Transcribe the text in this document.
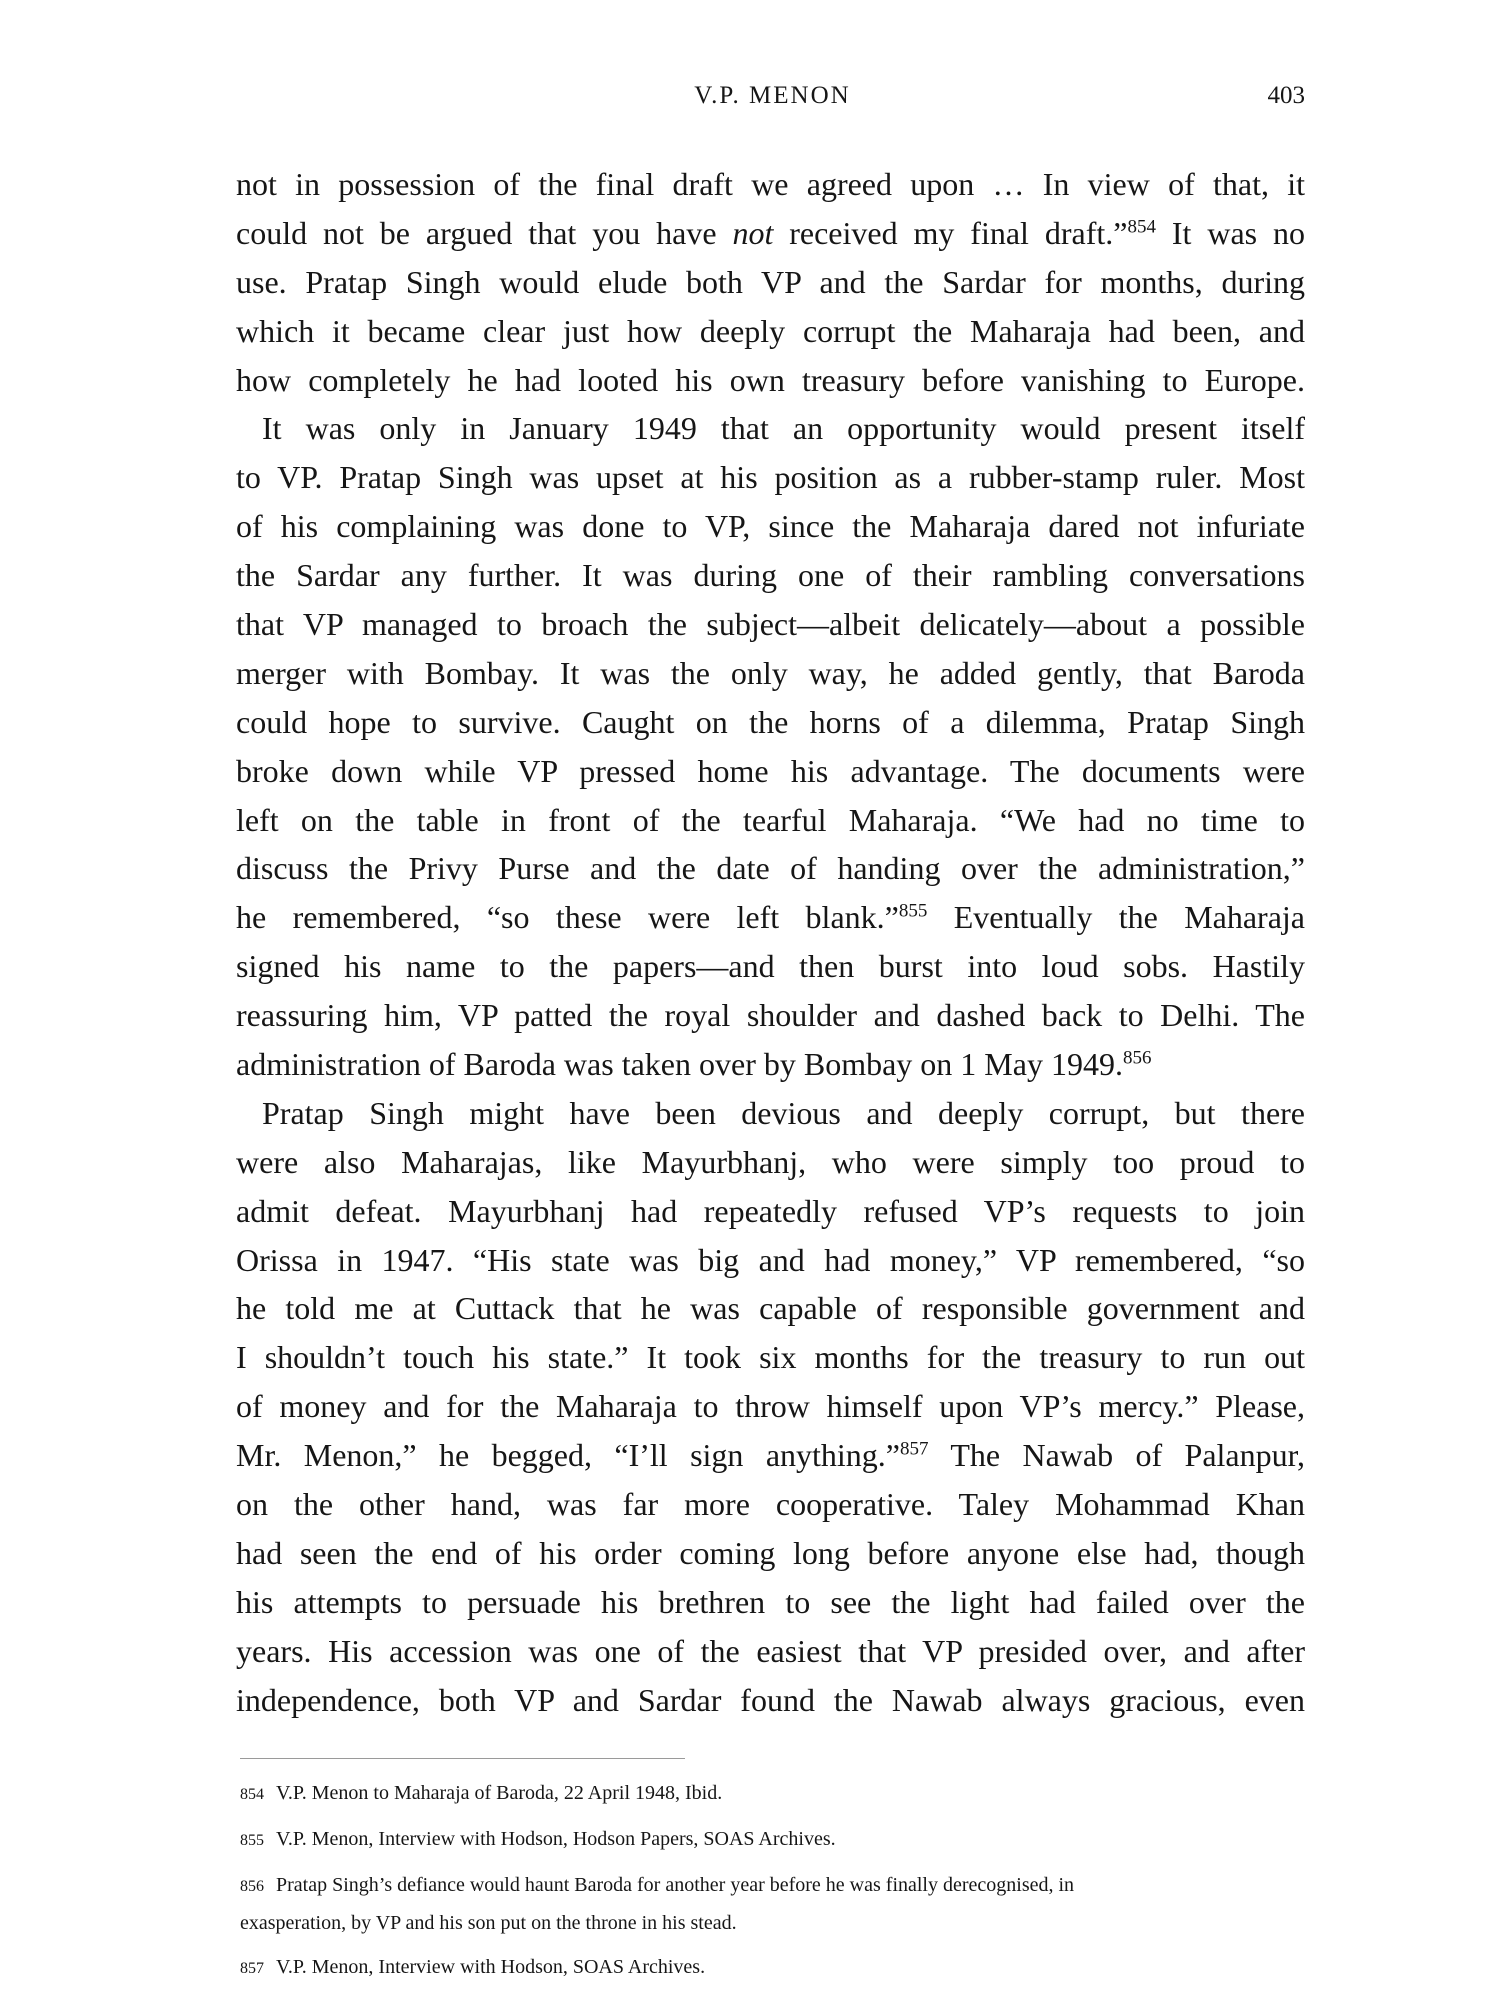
V.P. MENON	403
not in possession of the final draft we agreed upon … In view of that, it
could not be argued that you have not received my final draft.”$^{854}$ It was no
use. Pratap Singh would elude both VP and the Sardar for months, during
which it became clear just how deeply corrupt the Maharaja had been, and
how completely he had looted his own treasury before vanishing to Europe.
It was only in January 1949 that an opportunity would present itself
to VP. Pratap Singh was upset at his position as a rubber-stamp ruler. Most
of his complaining was done to VP, since the Maharaja dared not infuriate
the Sardar any further. It was during one of their rambling conversations
that VP managed to broach the subject—albeit delicately—about a possible
merger with Bombay. It was the only way, he added gently, that Baroda
could hope to survive. Caught on the horns of a dilemma, Pratap Singh
broke down while VP pressed home his advantage. The documents were
left on the table in front of the tearful Maharaja. “We had no time to
discuss the Privy Purse and the date of handing over the administration,”
he remembered, “so these were left blank.”$^{855}$ Eventually the Maharaja
signed his name to the papers—and then burst into loud sobs. Hastily
reassuring him, VP patted the royal shoulder and dashed back to Delhi. The
administration of Baroda was taken over by Bombay on 1 May 1949.$^{856}$
Pratap Singh might have been devious and deeply corrupt, but there
were also Maharajas, like Mayurbhanj, who were simply too proud to
admit defeat. Mayurbhanj had repeatedly refused VP’s requests to join
Orissa in 1947. “His state was big and had money,” VP remembered, “so
he told me at Cuttack that he was capable of responsible government and
I shouldn’t touch his state.” It took six months for the treasury to run out
of money and for the Maharaja to throw himself upon VP’s mercy.” Please,
Mr. Menon,” he begged, “I’ll sign anything.”$^{857}$ The Nawab of Palanpur,
on the other hand, was far more cooperative. Taley Mohammad Khan
had seen the end of his order coming long before anyone else had, though
his attempts to persuade his brethren to see the light had failed over the
years. His accession was one of the easiest that VP presided over, and after
independence, both VP and Sardar found the Nawab always gracious, even
854 V.P. Menon to Maharaja of Baroda, 22 April 1948, Ibid.
855 V.P. Menon, Interview with Hodson, Hodson Papers, SOAS Archives.
856 Pratap Singh’s defiance would haunt Baroda for another year before he was finally derecognised, in
exasperation, by VP and his son put on the throne in his stead.
857 V.P. Menon, Interview with Hodson, SOAS Archives.
